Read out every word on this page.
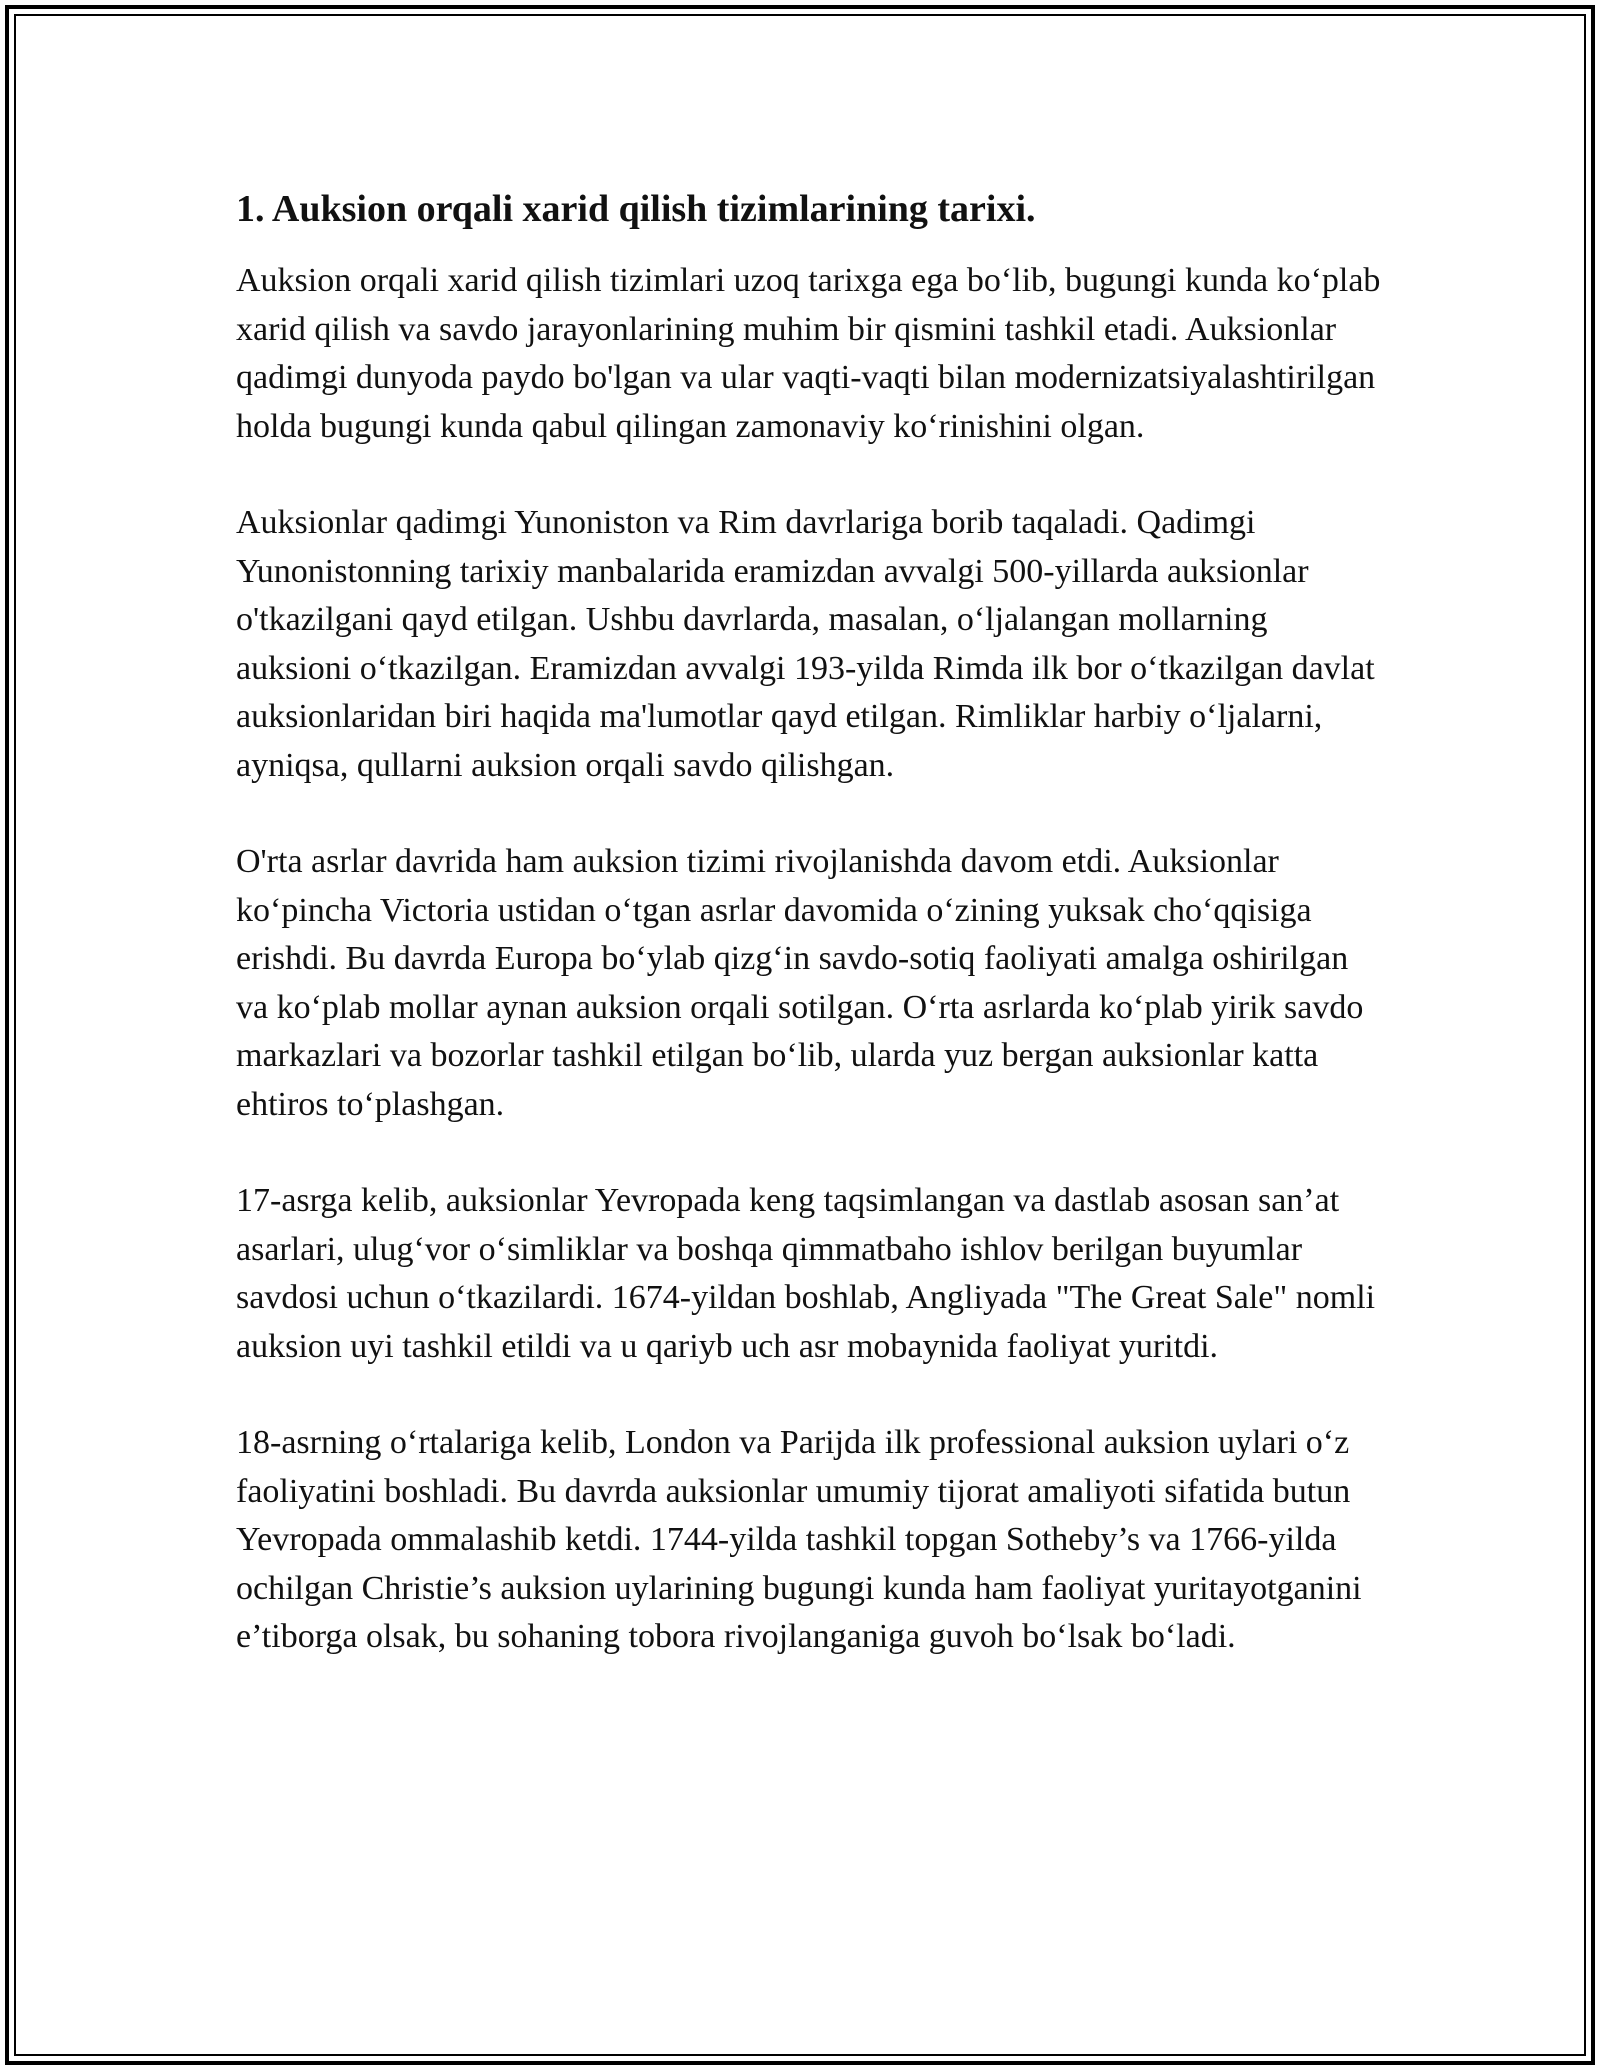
1. Auksion orqali xarid qilish tizimlarining tarixi.

Auksion orqali xarid qilish tizimlari uzoq tarixga ega boʻlib, bugungi kunda koʻplab xarid qilish va savdo jarayonlarining muhim bir qismini tashkil etadi. Auksionlar qadimgi dunyoda paydo bo'lgan va ular vaqti-vaqti bilan modernizatsiyalashtirilgan holda bugungi kunda qabul qilingan zamonaviy koʻrinishini olgan.

Auksionlar qadimgi Yunoniston va Rim davrlariga borib taqaladi. Qadimgi Yunonistonning tarixiy manbalarida eramizdan avvalgi 500-yillarda auksionlar o'tkazilgani qayd etilgan. Ushbu davrlarda, masalan, oʻljalangan mollarning auksioni oʻtkazilgan. Eramizdan avvalgi 193-yilda Rimda ilk bor oʻtkazilgan davlat auksionlaridan biri haqida ma'lumotlar qayd etilgan. Rimliklar harbiy oʻljalarni, ayniqsa, qullarni auksion orqali savdo qilishgan.

O'rta asrlar davrida ham auksion tizimi rivojlanishda davom etdi. Auksionlar koʻpincha Victoria ustidan oʻtgan asrlar davomida oʻzining yuksak choʻqqisiga erishdi. Bu davrda Europa boʻylab qizgʻin savdo-sotiq faoliyati amalga oshirilgan va koʻplab mollar aynan auksion orqali sotilgan. Oʻrta asrlarda koʻplab yirik savdo markazlari va bozorlar tashkil etilgan boʻlib, ularda yuz bergan auksionlar katta ehtiros toʻplashgan.

17-asrga kelib, auksionlar Yevropada keng taqsimlangan va dastlab asosan san’at asarlari, ulugʻvor oʻsimliklar va boshqa qimmatbaho ishlov berilgan buyumlar savdosi uchun oʻtkazilardi. 1674-yildan boshlab, Angliyada "The Great Sale" nomli auksion uyi tashkil etildi va u qariyb uch asr mobaynida faoliyat yuritdi.

18-asrning oʻrtalariga kelib, London va Parijda ilk professional auksion uylari oʻz faoliyatini boshladi. Bu davrda auksionlar umumiy tijorat amaliyoti sifatida butun Yevropada ommalashib ketdi. 1744-yilda tashkil topgan Sotheby’s va 1766-yilda ochilgan Christie’s auksion uylarining bugungi kunda ham faoliyat yuritayotganini e’tiborga olsak, bu sohaning tobora rivojlanganiga guvoh boʻlsak boʻladi.
